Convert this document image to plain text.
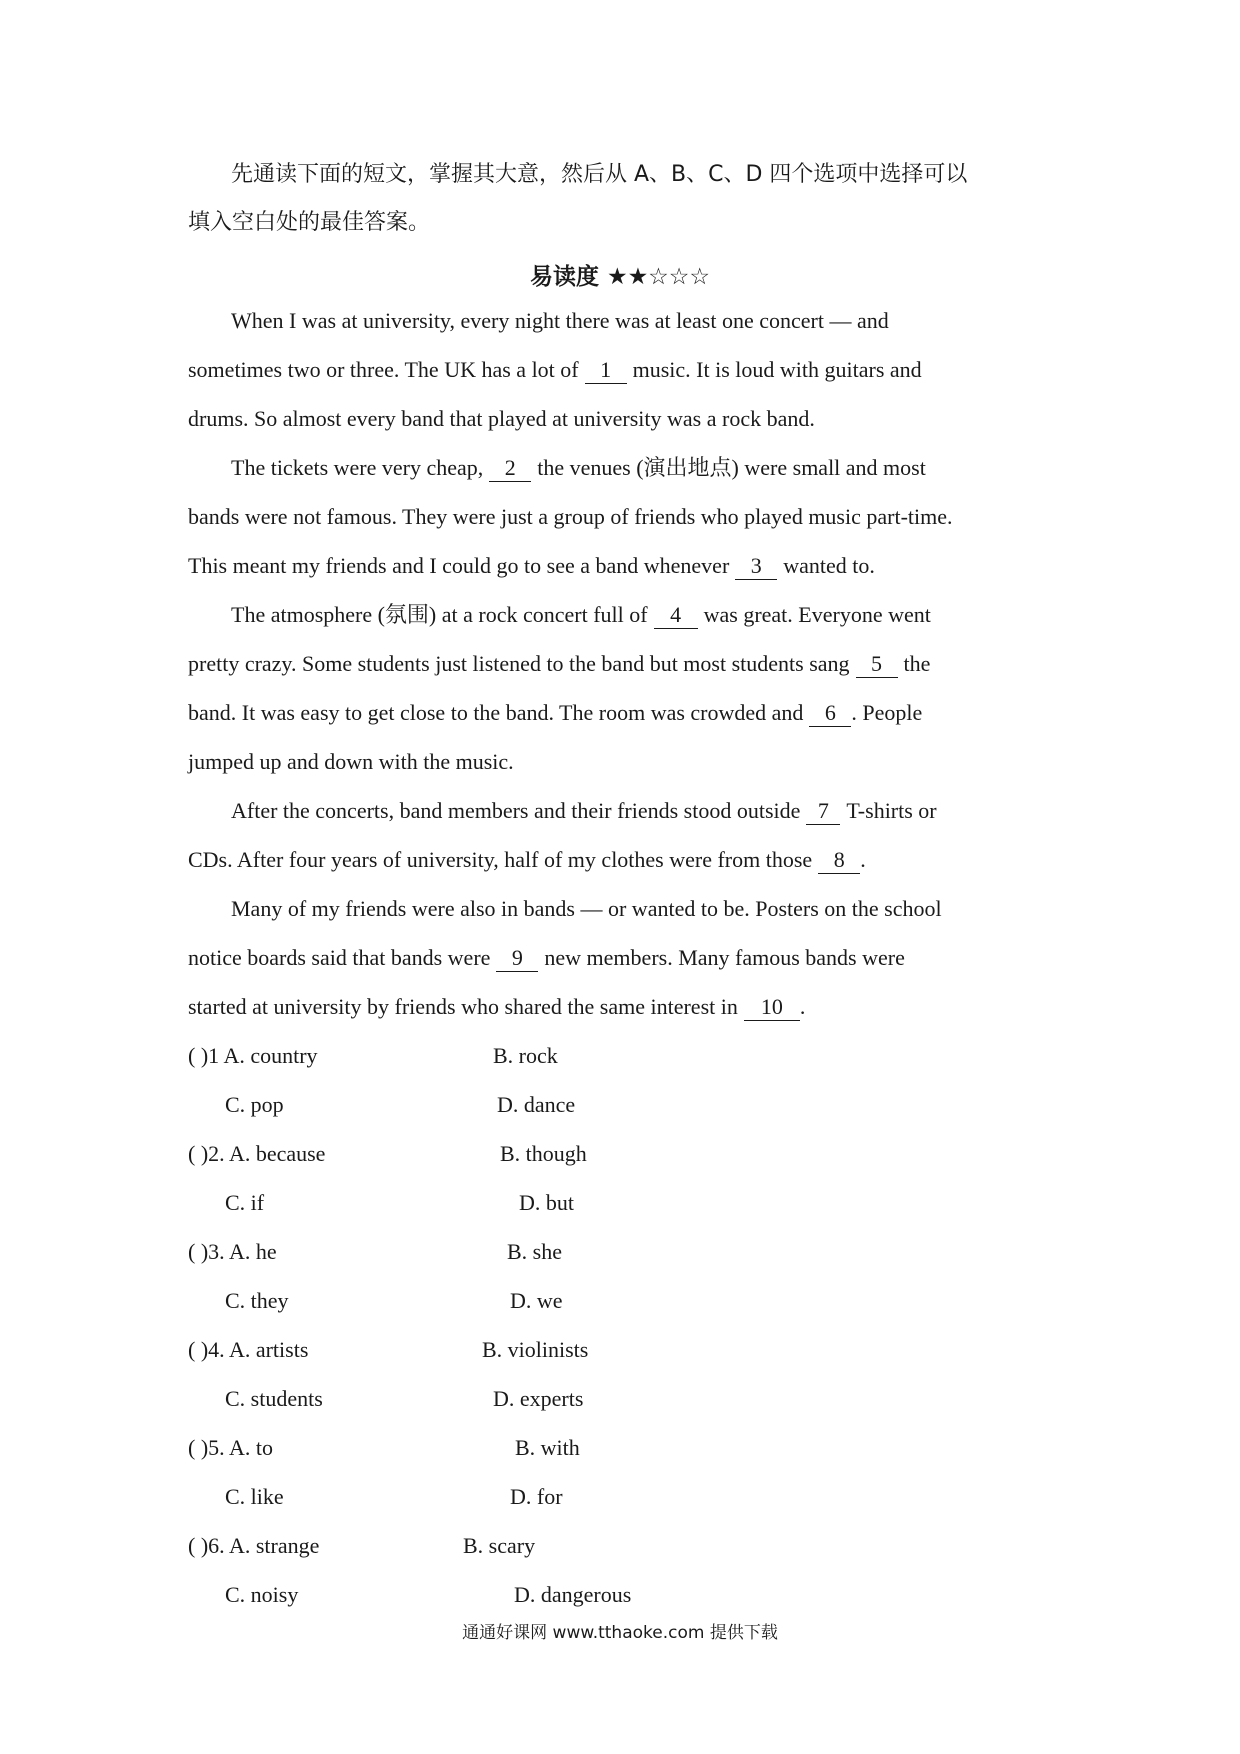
先通读下面的短文，掌握其大意，然后从 A、B、C、D 四个选项中选择可以
填入空白处的最佳答案。
易读度 ★★☆☆☆
When I was at university, every night there was at least one concert — and
sometimes two or three. The UK has a lot of 1 music. It is loud with guitars and
drums. So almost every band that played at university was a rock band.
The tickets were very cheap, 2 the venues (演出地点) were small and most
bands were not famous. They were just a group of friends who played music part-time.
This meant my friends and I could go to see a band whenever 3 wanted to.
The atmosphere (氛围) at a rock concert full of 4 was great. Everyone went
pretty crazy. Some students just listened to the band but most students sang 5 the
band. It was easy to get close to the band. The room was crowded and 6 . People
jumped up and down with the music.
After the concerts, band members and their friends stood outside 7 T-shirts or
CDs. After four years of university, half of my clothes were from those 8 .
Many of my friends were also in bands — or wanted to be. Posters on the school
notice boards said that bands were 9 new members. Many famous bands were
started at university by friends who shared the same interest in 10 .
( )1 A. country	B. rock
C. pop	D. dance
( )2. A. because	B. though
C. if	D. but
( )3. A. he	B. she
C. they	D. we
( )4. A. artists	B. violinists
C. students	D. experts
( )5. A. to	B. with
C. like	D. for
( )6. A. strange	B. scary
C. noisy	D. dangerous
通通好课网 www.tthaoke.com 提供下载
